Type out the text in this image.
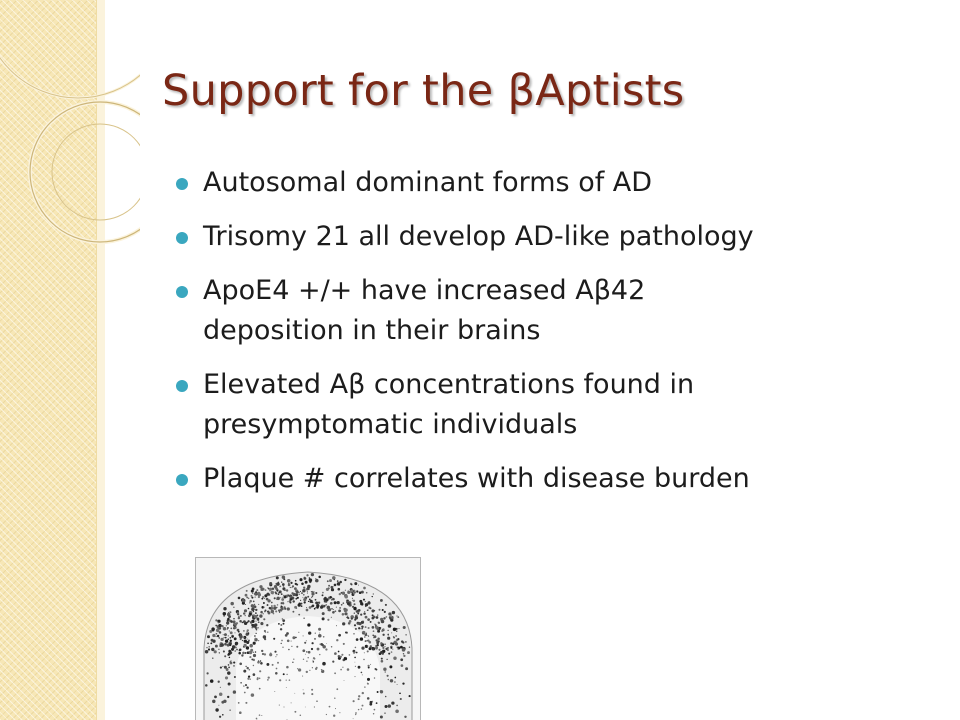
Support for the βAptists
Autosomal dominant forms of AD
Trisomy 21 all develop AD-like pathology
ApoE4 +/+ have increased Aβ42 deposition in their brains
Elevated Aβ concentrations found in presymptomatic individuals
Plaque # correlates with disease burden
